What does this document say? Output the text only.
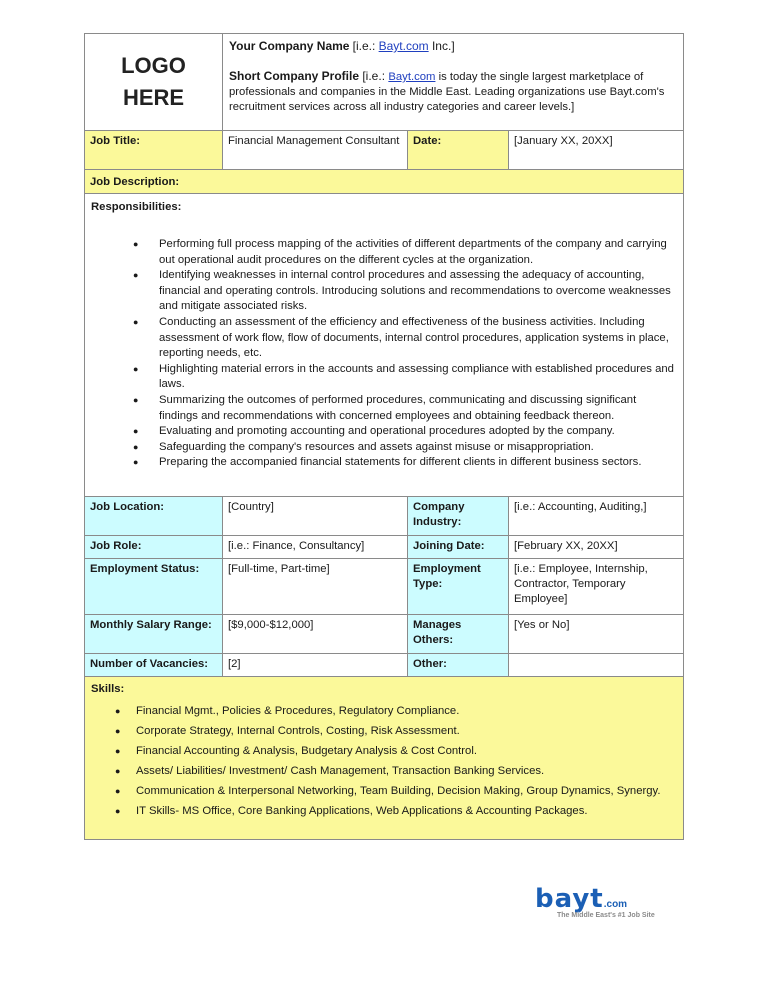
LOGO
HERE
Your Company Name [i.e.: Bayt.com Inc.]
Short Company Profile [i.e.: Bayt.com is today the single largest marketplace of professionals and companies in the Middle East. Leading organizations use Bayt.com's recruitment services across all industry categories and career levels.]
Job Title:	Financial Management Consultant	Date:	[January XX, 20XX]
Job Description:
Responsibilities:
● Performing full process mapping of the activities of different departments of the company and carrying out operational audit procedures on the different cycles at the organization.
● Identifying weaknesses in internal control procedures and assessing the adequacy of accounting, financial and operating controls. Introducing solutions and recommendations to overcome weaknesses and mitigate associated risks.
● Conducting an assessment of the efficiency and effectiveness of the business activities. Including assessment of work flow, flow of documents, internal control procedures, application systems in place, reporting needs, etc.
● Highlighting material errors in the accounts and assessing compliance with established procedures and laws.
● Summarizing the outcomes of performed procedures, communicating and discussing significant findings and recommendations with concerned employees and obtaining feedback thereon.
● Evaluating and promoting accounting and operational procedures adopted by the company.
● Safeguarding the company's resources and assets against misuse or misappropriation.
● Preparing the accompanied financial statements for different clients in different business sectors.
Job Location:	[Country]	Company Industry:
[i.e.: Accounting, Auditing,]
Job Role:	[i.e.: Finance, Consultancy]	Joining Date:	[February XX, 20XX]
Employment Status:	[Full-time, Part-time]	Employment Type:
[i.e.: Employee, Internship, Contractor, Temporary Employee]
Monthly Salary Range:	[$9,000-$12,000]	Manages Others:
[Yes or No]
Number of Vacancies:	[2]	Other:
Skills:
● Financial Mgmt., Policies & Procedures, Regulatory Compliance.
● Corporate Strategy, Internal Controls, Costing, Risk Assessment.
● Financial Accounting & Analysis, Budgetary Analysis & Cost Control.
● Assets/ Liabilities/ Investment/ Cash Management, Transaction Banking Services.
● Communication & Interpersonal Networking, Team Building, Decision Making, Group Dynamics, Synergy.
● IT Skills- MS Office, Core Banking Applications, Web Applications & Accounting Packages.
bayt.com
The Middle East's #1 Job Site
